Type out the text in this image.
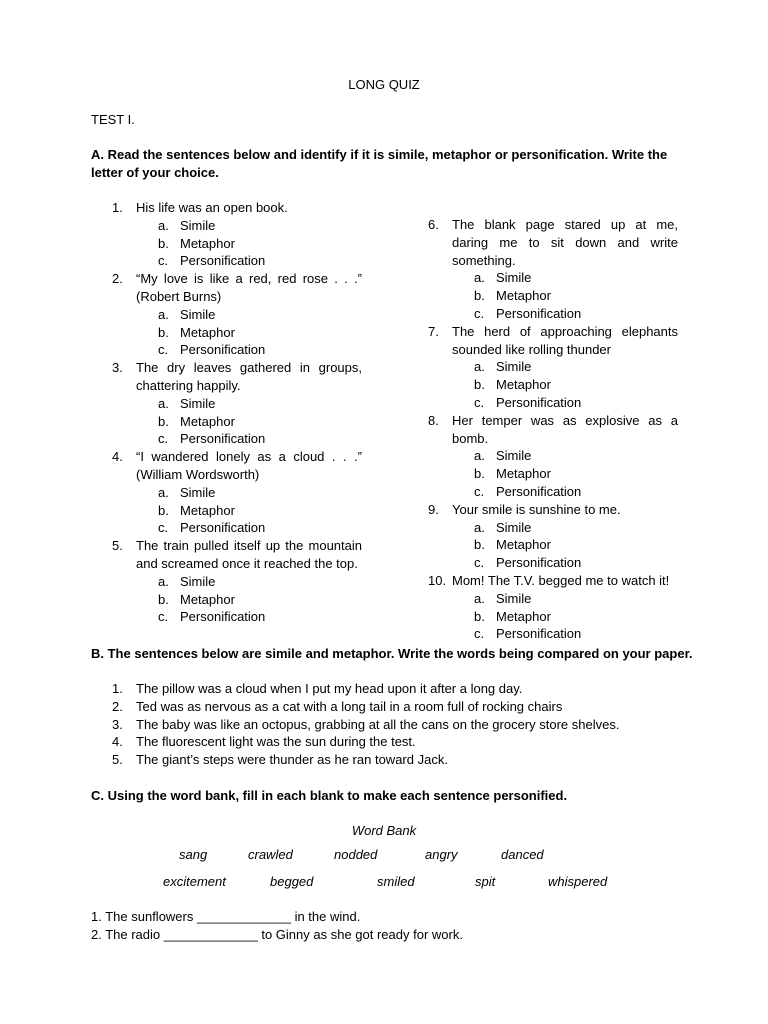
LONG QUIZ
TEST I.
A. Read the sentences below and identify if it is simile, metaphor or personification. Write the letter of your choice.
1. His life was an open book.
a. Simile
b. Metaphor
c. Personification
2. “My love is like a red, red rose . . .” (Robert Burns)
a. Simile
b. Metaphor
c. Personification
3. The dry leaves gathered in groups, chattering happily.
a. Simile
b. Metaphor
c. Personification
4. “I wandered lonely as a cloud . . .” (William Wordsworth)
a. Simile
b. Metaphor
c. Personification
5. The train pulled itself up the mountain and screamed once it reached the top.
a. Simile
b. Metaphor
c. Personification
6. The blank page stared up at me, daring me to sit down and write something.
a. Simile
b. Metaphor
c. Personification
7. The herd of approaching elephants sounded like rolling thunder
a. Simile
b. Metaphor
c. Personification
8. Her temper was as explosive as a bomb.
a. Simile
b. Metaphor
c. Personification
9. Your smile is sunshine to me.
a. Simile
b. Metaphor
c. Personification
10. Mom! The T.V. begged me to watch it!
a. Simile
b. Metaphor
c. Personification
B. The sentences below are simile and metaphor. Write the words being compared on your paper.
1. The pillow was a cloud when I put my head upon it after a long day.
2. Ted was as nervous as a cat with a long tail in a room full of rocking chairs
3. The baby was like an octopus, grabbing at all the cans on the grocery store shelves.
4. The fluorescent light was the sun during the test.
5. The giant’s steps were thunder as he ran toward Jack.
C. Using the word bank, fill in each blank to make each sentence personified.
Word Bank
sang	crawled	nodded	angry	danced
excitement	begged	smiled	spit	whispered
1. The sunflowers _____________ in the wind.
2. The radio _____________ to Ginny as she got ready for work.
